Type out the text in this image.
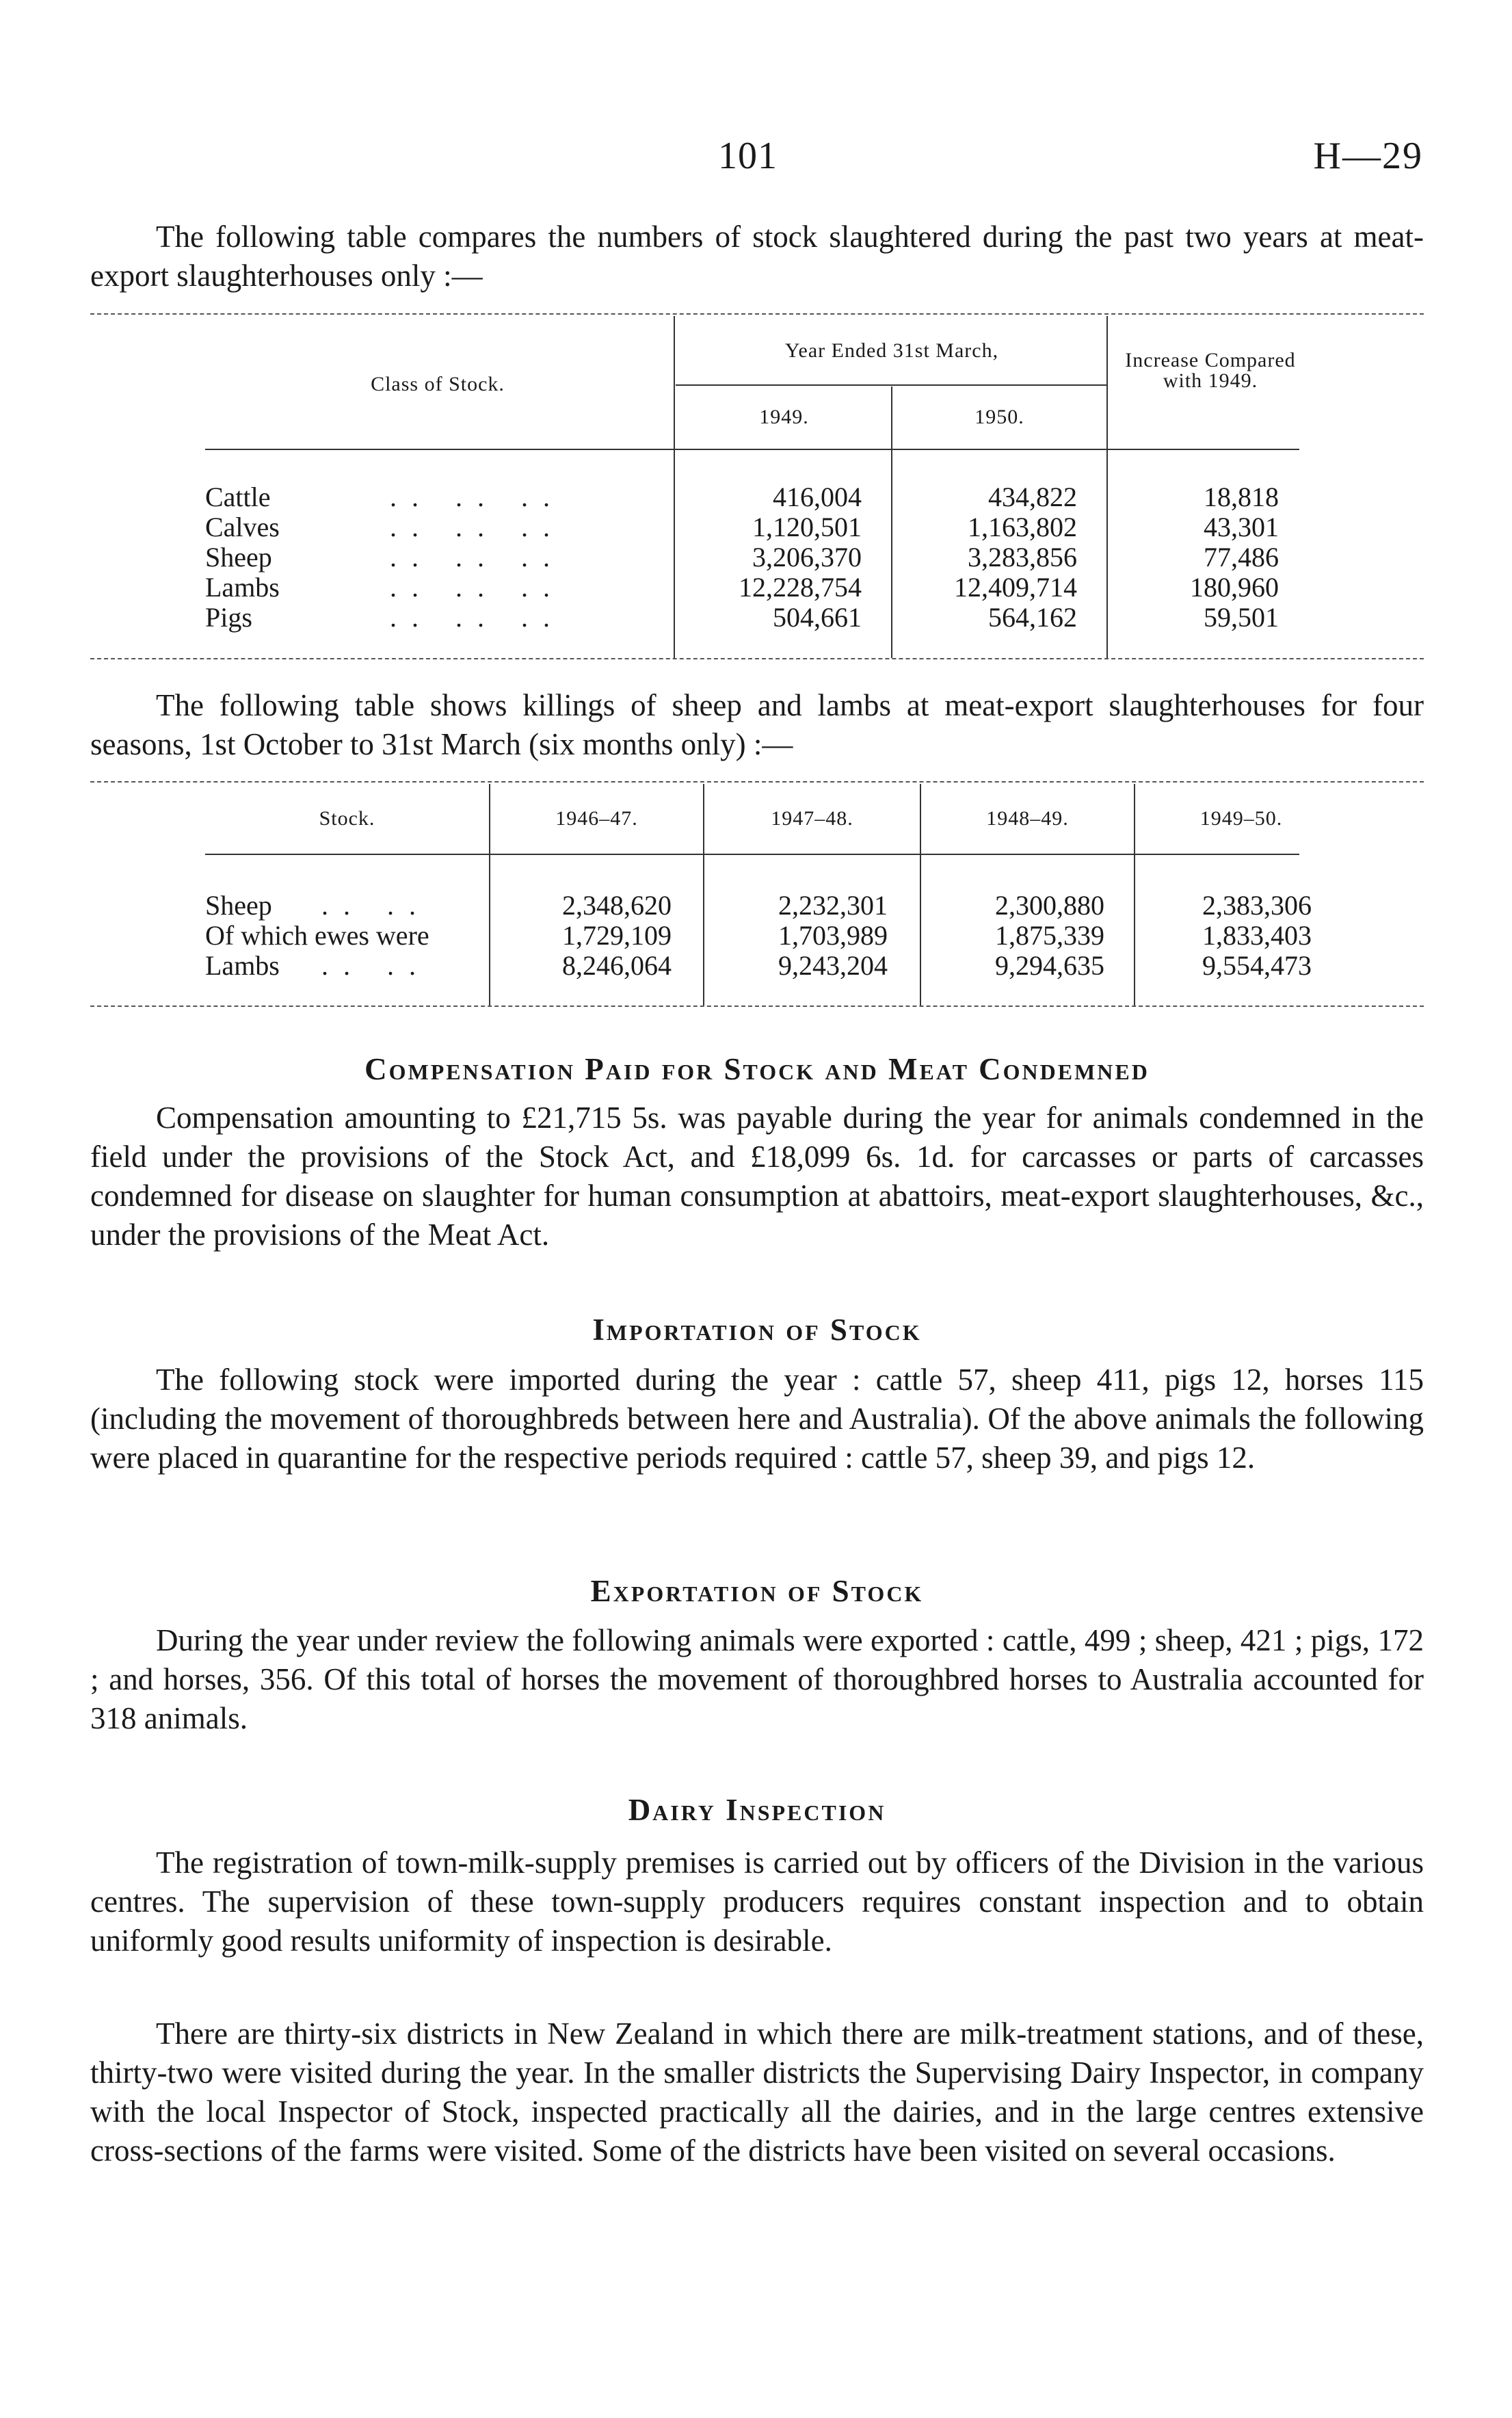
101	H—29

The following table compares the numbers of stock slaughtered during the past two years at meat-export slaughterhouses only :—

Class of Stock.
Year Ended 31st March,
1949.	1950.
Increase Compared with 1949.
Cattle	.. .. ..	416,004	434,822	18,818
Calves	.. .. ..	1,120,501	1,163,802	43,301
Sheep	.. .. ..	3,206,370	3,283,856	77,486
Lambs	.. .. ..	12,228,754	12,409,714	180,960
Pigs	.. .. ..	504,661	564,162	59,501

The following table shows killings of sheep and lambs at meat-export slaughterhouses for four seasons, 1st October to 31st March (six months only) :—

Stock.	1946–47.	1947–48.	1948–49.	1949–50.
Sheep .. ..	2,348,620	2,232,301	2,300,880	2,383,306
Of which ewes were	1,729,109	1,703,989	1,875,339	1,833,403
Lambs .. ..	8,246,064	9,243,204	9,294,635	9,554,473
Compensation Paid for Stock and Meat Condemned

Compensation amounting to £21,715 5s. was payable during the year for animals condemned in the field under the provisions of the Stock Act, and £18,099 6s. 1d. for carcasses or parts of carcasses condemned for disease on slaughter for human consumption at abattoirs, meat-export slaughterhouses, &c., under the provisions of the Meat Act.

Importation of Stock

The following stock were imported during the year : cattle 57, sheep 411, pigs 12, horses 115 (including the movement of thoroughbreds between here and Australia). Of the above animals the following were placed in quarantine for the respective periods required : cattle 57, sheep 39, and pigs 12.

Exportation of Stock

During the year under review the following animals were exported : cattle, 499 ; sheep, 421 ; pigs, 172 ; and horses, 356. Of this total of horses the movement of thoroughbred horses to Australia accounted for 318 animals.

Dairy Inspection

The registration of town-milk-supply premises is carried out by officers of the Division in the various centres. The supervision of these town-supply producers requires constant inspection and to obtain uniformly good results uniformity of inspection is desirable.

There are thirty-six districts in New Zealand in which there are milk-treatment stations, and of these, thirty-two were visited during the year. In the smaller districts the Supervising Dairy Inspector, in company with the local Inspector of Stock, inspected practically all the dairies, and in the large centres extensive cross-sections of the farms were visited. Some of the districts have been visited on several occasions.
